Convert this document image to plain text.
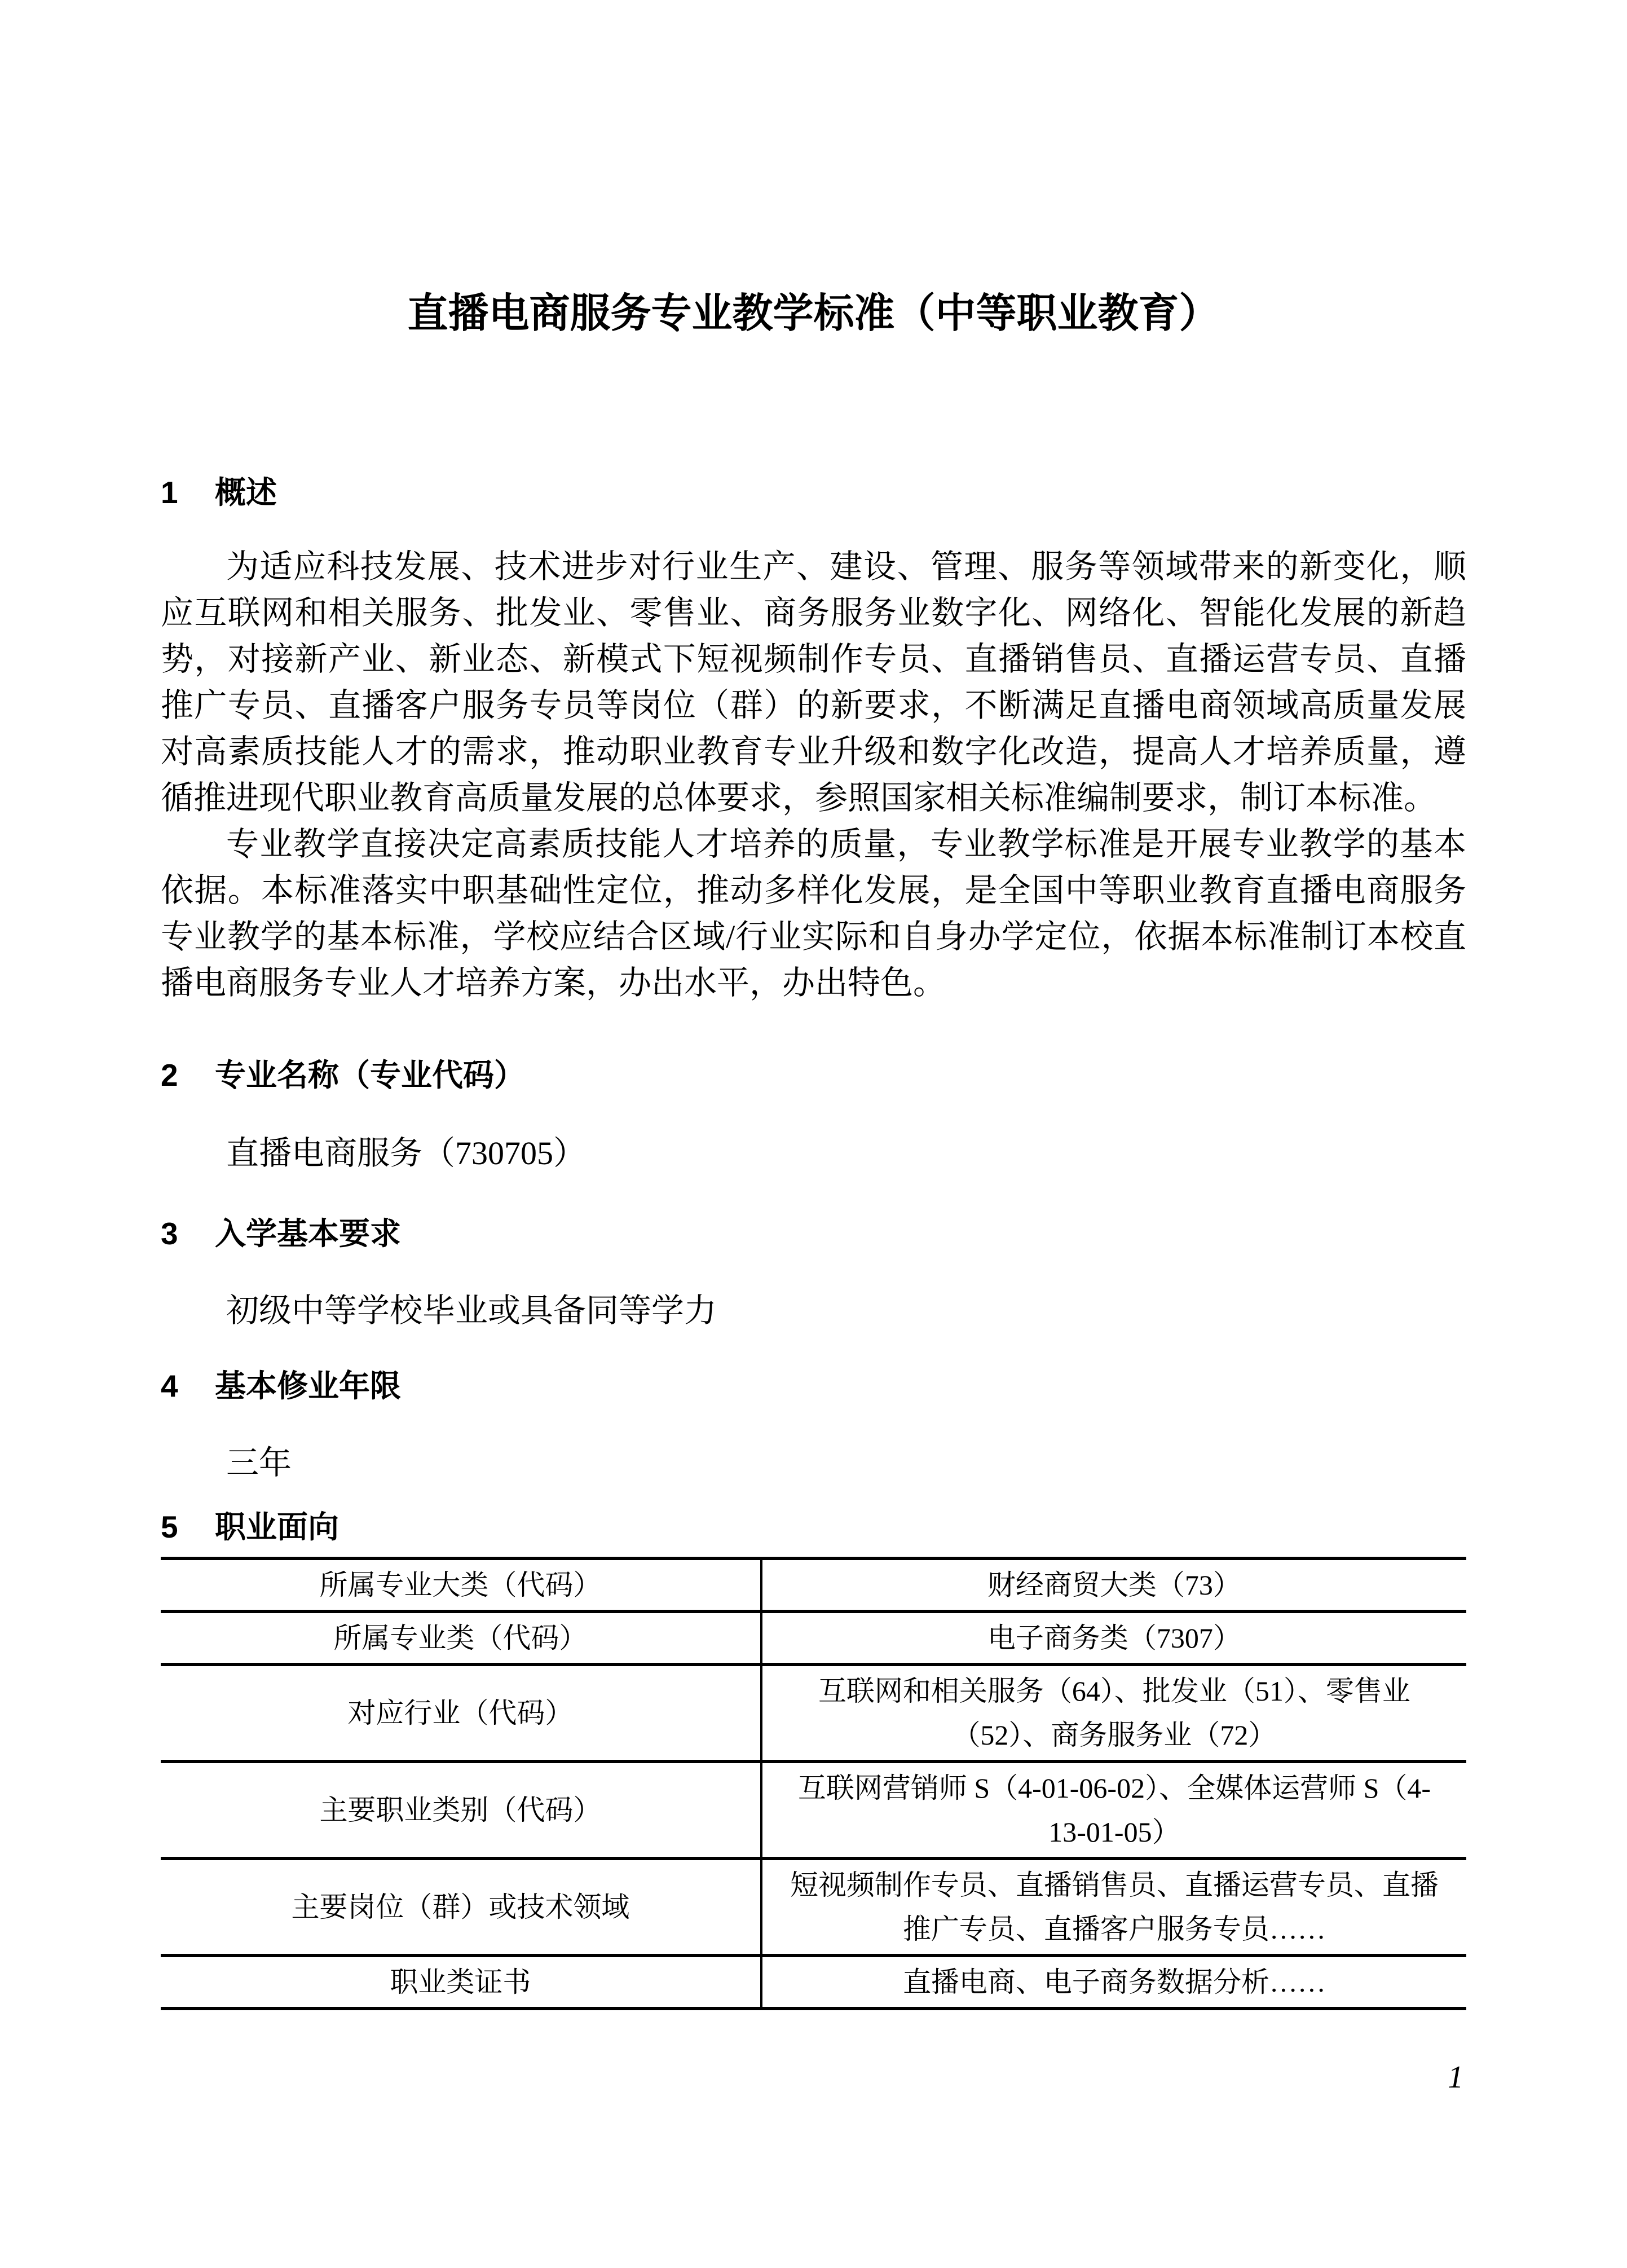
直播电商服务专业教学标准（中等职业教育）
1	概述

为适应科技发展、技术进步对行业生产、建设、管理、服务等领域带来的新变化，顺应互联网和相关服务、批发业、零售业、商务服务业数字化、网络化、智能化发展的新趋势，对接新产业、新业态、新模式下短视频制作专员、直播销售员、直播运营专员、直播推广专员、直播客户服务专员等岗位（群）的新要求，不断满足直播电商领域高质量发展对高素质技能人才的需求，推动职业教育专业升级和数字化改造，提高人才培养质量，遵循推进现代职业教育高质量发展的总体要求，参照国家相关标准编制要求，制订本标准。

专业教学直接决定高素质技能人才培养的质量，专业教学标准是开展专业教学的基本依据。本标准落实中职基础性定位，推动多样化发展，是全国中等职业教育直播电商服务专业教学的基本标准，学校应结合区域/行业实际和自身办学定位，依据本标准制订本校直播电商服务专业人才培养方案，办出水平，办出特色。

2	专业名称（专业代码）

直播电商服务（730705）

3	入学基本要求

初级中等学校毕业或具备同等学力

4	基本修业年限

三年

5	职业面向
所属专业大类（代码）	财经商贸大类（73）
所属专业类（代码）	电子商务类（7307）
对应行业（代码）	互联网和相关服务（64）、批发业（51）、零售业（52）、商务服务业（72）
主要职业类别（代码）	互联网营销师 S（4-01-06-02）、全媒体运营师 S（4-13-01-05）
主要岗位（群）或技术领域	短视频制作专员、直播销售员、直播运营专员、直播推广专员、直播客户服务专员……
职业类证书	直播电商、电子商务数据分析……
1
